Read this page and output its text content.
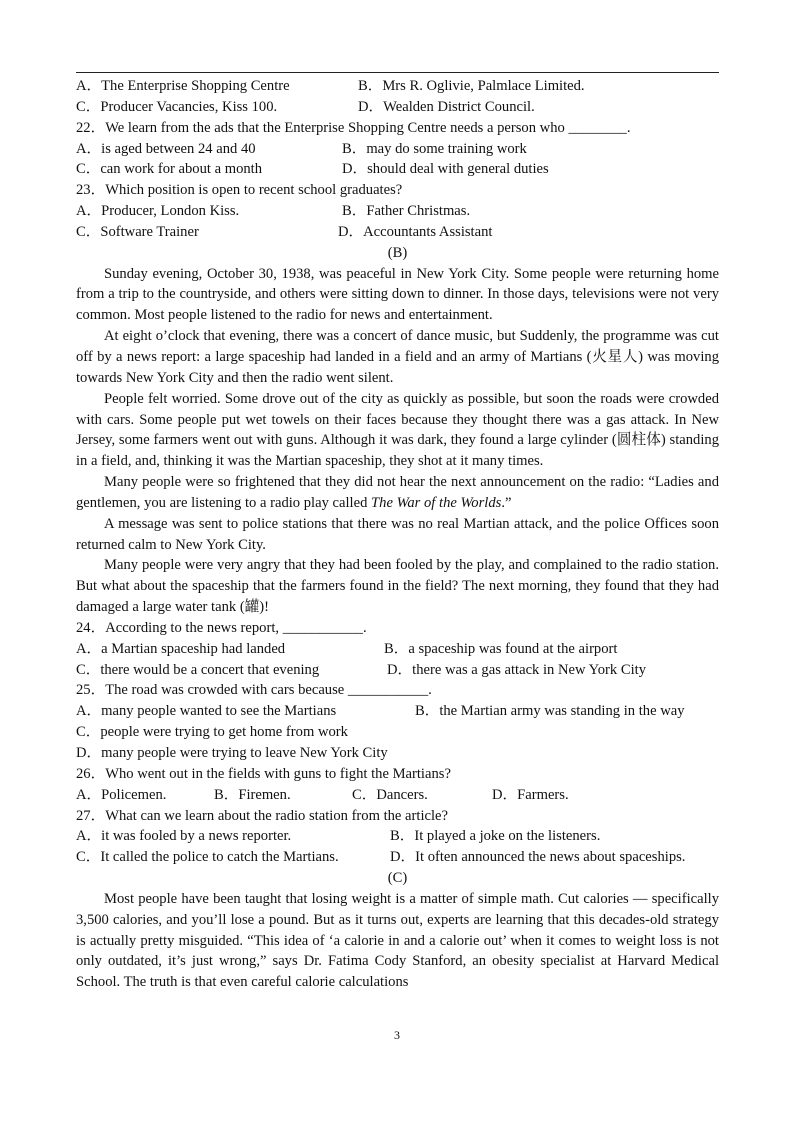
A．The Enterprise Shopping Centre	B．Mrs R. Oglivie, Palmlace Limited.
C．Producer Vacancies, Kiss 100.	D．Wealden District Council.
22．We learn from the ads that the Enterprise Shopping Centre needs a person who ________.
A．is aged between 24 and 40	B．may do some training work
C．can work for about a month	D．should deal with general duties
23．Which position is open to recent school graduates?
A．Producer, London Kiss.	B．Father Christmas.
C．Software Trainer	D．Accountants Assistant
(B)

Sunday evening, October 30, 1938, was peaceful in New York City. Some people were returning home from a trip to the countryside, and others were sitting down to dinner. In those days, televisions were not very common. Most people listened to the radio for news and entertainment.

At eight o’clock that evening, there was a concert of dance music, but Suddenly, the programme was cut off by a news report: a large spaceship had landed in a field and an army of Martians (火星人) was moving towards New York City and then the radio went silent.

People felt worried. Some drove out of the city as quickly as possible, but soon the roads were crowded with cars. Some people put wet towels on their faces because they thought there was a gas attack. In New Jersey, some farmers went out with guns. Although it was dark, they found a large cylinder (圆柱体) standing in a field, and, thinking it was the Martian spaceship, they shot at it many times.

Many people were so frightened that they did not hear the next announcement on the radio: “Ladies and gentlemen, you are listening to a radio play called The War of the Worlds.”

A message was sent to police stations that there was no real Martian attack, and the police Offices soon returned calm to New York City.

Many people were very angry that they had been fooled by the play, and complained to the radio station. But what about the spaceship that the farmers found in the field? The next morning, they found that they had damaged a large water tank (罐)!

24．According to the news report, ___________.
A．a Martian spaceship had landed	B．a spaceship was found at the airport
C．there would be a concert that evening	D．there was a gas attack in New York City
25．The road was crowded with cars because ___________.
A．many people wanted to see the Martians	B．the Martian army was standing in the way
C．people were trying to get home from work
D．many people were trying to leave New York City
26．Who went out in the fields with guns to fight the Martians?
A．Policemen.	B．Firemen.	C．Dancers.	D．Farmers.
27．What can we learn about the radio station from the article?
A．it was fooled by a news reporter.	B．It played a joke on the listeners.
C．It called the police to catch the Martians.	D．It often announced the news about spaceships.
(C)

Most people have been taught that losing weight is a matter of simple math. Cut calories — specifically 3,500 calories, and you’ll lose a pound. But as it turns out, experts are learning that this decades-old strategy is actually pretty misguided. “This idea of ‘a calorie in and a calorie out’ when it comes to weight loss is not only outdated, it’s just wrong,” says Dr. Fatima Cody Stanford, an obesity specialist at Harvard Medical School. The truth is that even careful calorie calculations

3
